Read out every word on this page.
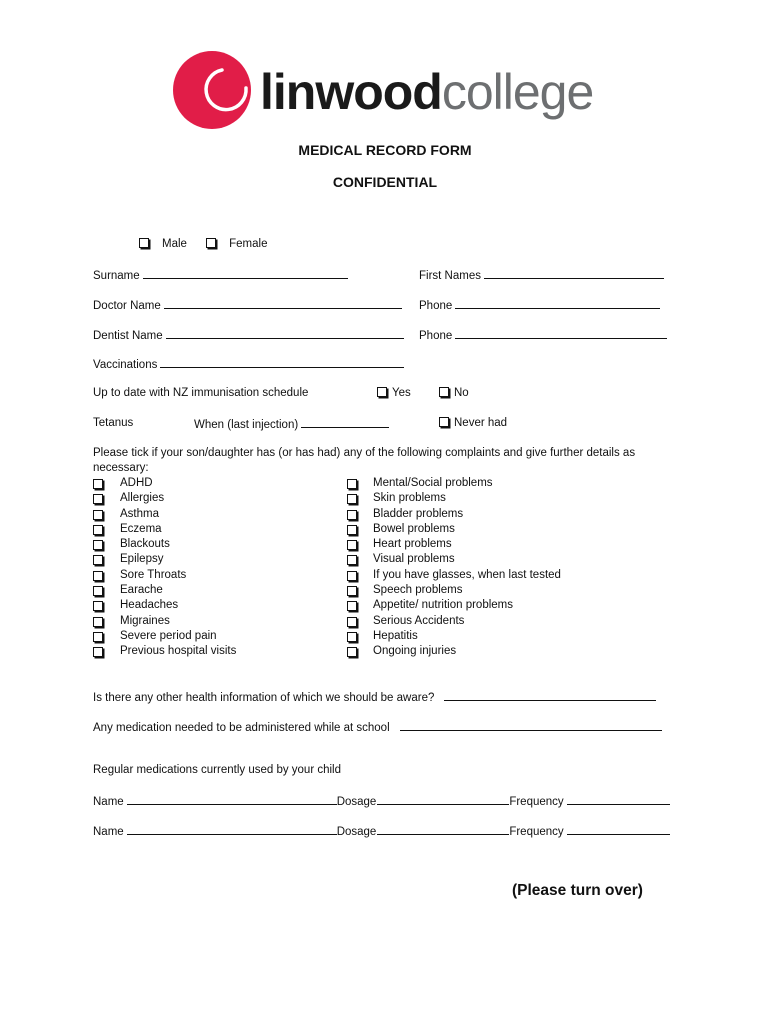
linwoodcollege
MEDICAL RECORD FORM
CONFIDENTIAL
Male	Female
Surname	First Names
Doctor Name	Phone
Dentist Name	Phone
Vaccinations
Up to date with NZ immunisation schedule	Yes	No
Tetanus	When (last injection)	Never had
Please tick if your son/daughter has (or has had) any of the following complaints and give further details as necessary:
ADHD
Allergies
Asthma
Eczema
Blackouts
Epilepsy
Sore Throats
Earache
Headaches
Migraines
Severe period pain
Previous hospital visits
Mental/Social problems
Skin problems
Bladder problems
Bowel problems
Heart problems
Visual problems
If you have glasses, when last tested
Speech problems
Appetite/ nutrition problems
Serious Accidents
Hepatitis
Ongoing injuries
Is there any other health information of which we should be aware?
Any medication needed to be administered while at school
Regular medications currently used by your child
Name	Dosage	Frequency
Name	Dosage	Frequency
(Please turn over)
